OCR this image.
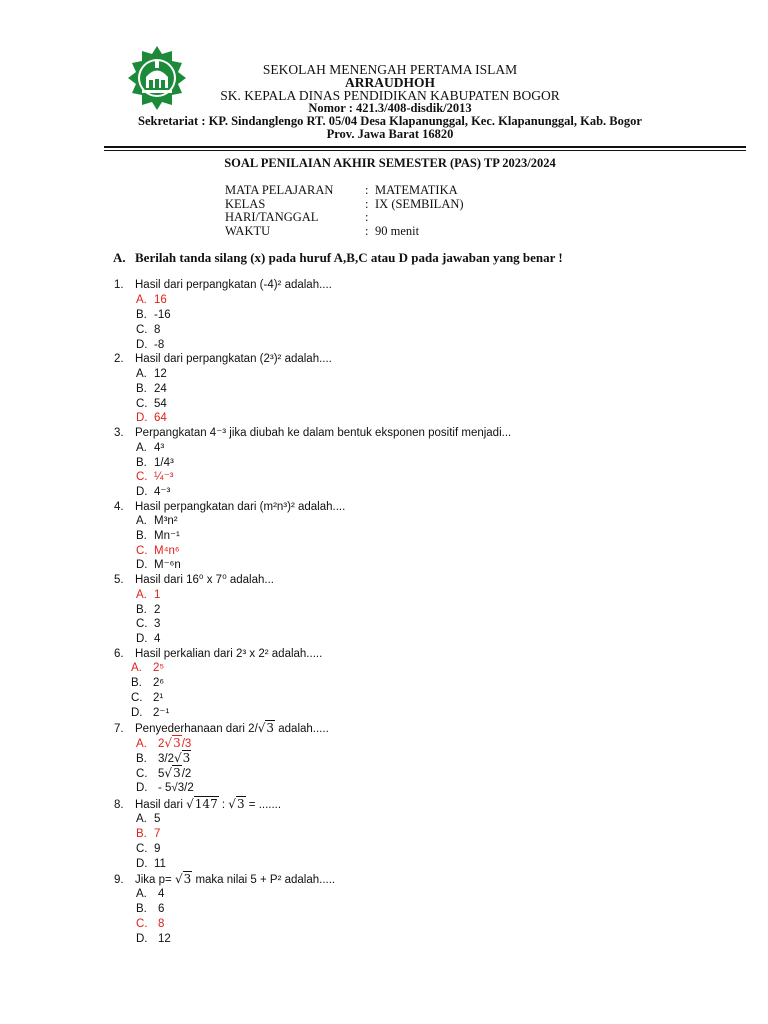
SEKOLAH MENENGAH PERTAMA ISLAM
ARRAUDHOH
SK. KEPALA DINAS PENDIDIKAN KABUPATEN BOGOR
Nomor : 421.3/408-disdik/2013
Sekretariat : KP. Sindanglengo RT. 05/04 Desa Klapanunggal, Kec. Klapanunggal, Kab. Bogor
Prov. Jawa Barat 16820
SOAL PENILAIAN AKHIR SEMESTER (PAS) TP 2023/2024
MATA PELAJARAN	: MATEMATIKA
KELAS	: IX (SEMBILAN)
HARI/TANGGAL	:
WAKTU	: 90 menit
A. Berilah tanda silang (x) pada huruf A,B,C atau D pada jawaban yang benar !
1. Hasil dari perpangkatan (-4)² adalah....
A. 16
B. -16
C. 8
D. -8
2. Hasil dari perpangkatan (2³)² adalah....
A. 12
B. 24
C. 54
D. 64
3. Perpangkatan 4⁻³ jika diubah ke dalam bentuk eksponen positif menjadi...
A. 4³
B. 1/4³
C. ¼⁻³
D. 4⁻³
4. Hasil perpangkatan dari (m²n³)² adalah....
A. M³n²
B. Mn⁻¹
C. M⁴n⁶
D. M⁻⁶n
5. Hasil dari 16⁰ x 7⁰ adalah...
A. 1
B. 2
C. 3
D. 4
6. Hasil perkalian dari 2³ x 2² adalah.....
A. 2⁵
B. 2⁶
C. 2¹
D. 2⁻¹
7. Penyederhanaan dari 2/√3 adalah.....
A. 2√3/3
B. 3/2√3
C. 5√3/2
D. - 5√3/2
8. Hasil dari √147 : √3 = .......
A. 5
B. 7
C. 9
D. 11
9. Jika p= √3 maka nilai 5 + P² adalah.....
A. 4
B. 6
C. 8
D. 12
